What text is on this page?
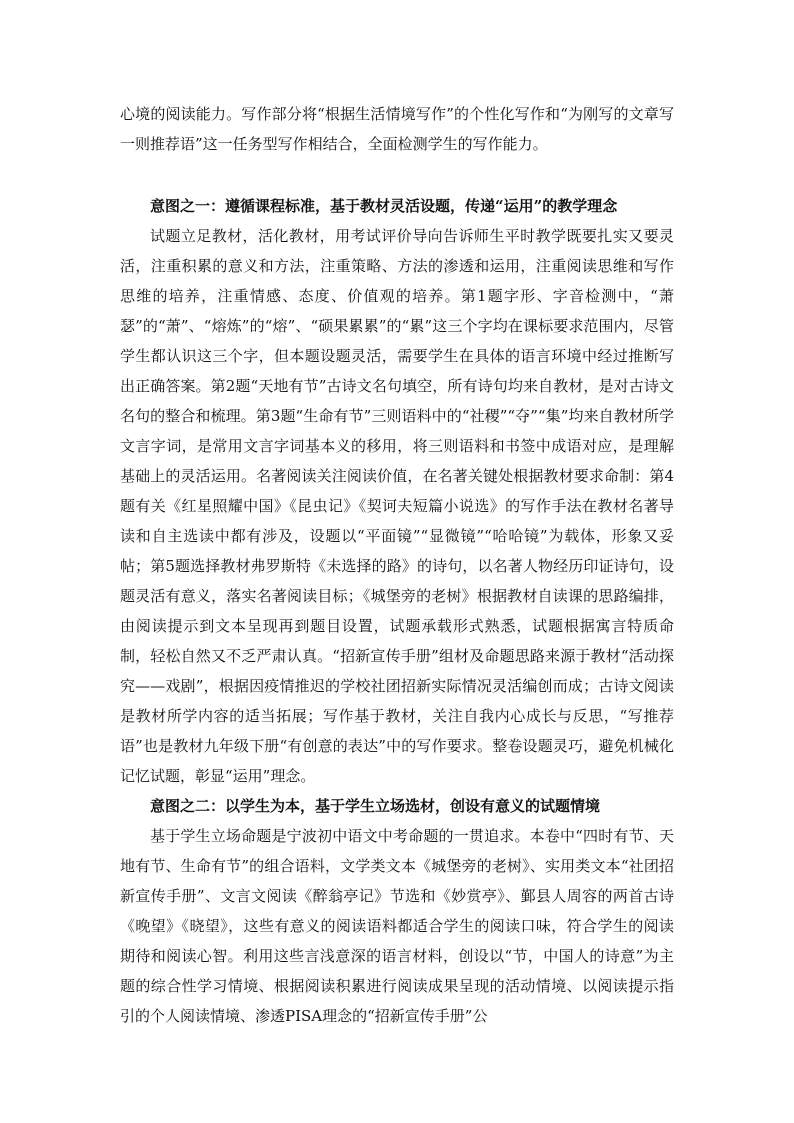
心境的阅读能力。写作部分将“根据生活情境写作”的个性化写作和“为刚写的文章写一则推荐语”这一任务型写作相结合，全面检测学生的写作能力。

意图之一：遵循课程标准，基于教材灵活设题，传递“运用”的教学理念

试题立足教材，活化教材，用考试评价导向告诉师生平时教学既要扎实又要灵活，注重积累的意义和方法，注重策略、方法的渗透和运用，注重阅读思维和写作思维的培养，注重情感、态度、价值观的培养。第1题字形、字音检测中，“萧瑟”的“萧”、“熔炼”的“熔”、“硕果累累”的“累”这三个字均在课标要求范围内，尽管学生都认识这三个字，但本题设题灵活，需要学生在具体的语言环境中经过推断写出正确答案。第2题“天地有节”古诗文名句填空，所有诗句均来自教材，是对古诗文名句的整合和梳理。第3题“生命有节”三则语料中的“社稷”“夺”“集”均来自教材所学文言字词，是常用文言字词基本义的移用，将三则语料和书签中成语对应，是理解基础上的灵活运用。名著阅读关注阅读价值，在名著关键处根据教材要求命制：第4题有关《红星照耀中国》《昆虫记》《契诃夫短篇小说选》的写作手法在教材名著导读和自主选读中都有涉及，设题以“平面镜”“显微镜”“哈哈镜”为载体，形象又妥帖；第5题选择教材弗罗斯特《未选择的路》的诗句，以名著人物经历印证诗句，设题灵活有意义，落实名著阅读目标；《城堡旁的老树》根据教材自读课的思路编排，由阅读提示到文本呈现再到题目设置，试题承载形式熟悉，试题根据寓言特质命制，轻松自然又不乏严肃认真。“招新宣传手册”组材及命题思路来源于教材“活动探究——戏剧”，根据因疫情推迟的学校社团招新实际情况灵活编创而成；古诗文阅读是教材所学内容的适当拓展；写作基于教材，关注自我内心成长与反思，“写推荐语”也是教材九年级下册“有创意的表达”中的写作要求。整卷设题灵巧，避免机械化记忆试题，彰显“运用”理念。

意图之二：以学生为本，基于学生立场选材，创设有意义的试题情境

基于学生立场命题是宁波初中语文中考命题的一贯追求。本卷中“四时有节、天地有节、生命有节”的组合语料，文学类文本《城堡旁的老树》、实用类文本“社团招新宣传手册”、文言文阅读《醉翁亭记》节选和《妙赏亭》、鄞县人周容的两首古诗《晚望》《晓望》，这些有意义的阅读语料都适合学生的阅读口味，符合学生的阅读期待和阅读心智。利用这些言浅意深的语言材料，创设以“节，中国人的诗意”为主题的综合性学习情境、根据阅读积累进行阅读成果呈现的活动情境、以阅读提示指引的个人阅读情境、渗透PISA理念的“招新宣传手册”公
